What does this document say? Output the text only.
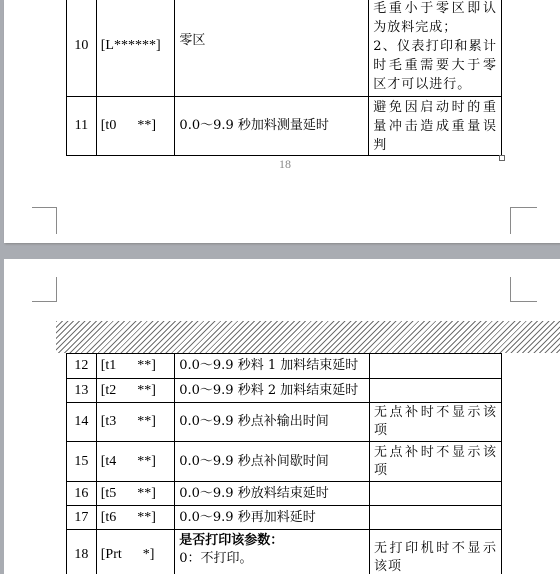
10	[L******]	零区	毛重小于零区即认为放料完成；
2、仪表打印和累计时毛重需要大于零区才可以进行。
11	[t0      **]	0.0～9.9 秒加料测量延时	避免因启动时的重量冲击造成重量误判
18
12	[t1      **]	0.0～9.9 秒料 1 加料结束延时	
13	[t2      **]	0.0～9.9 秒料 2 加料结束延时	
14	[t3      **]	0.0～9.9 秒点补输出时间	无点补时不显示该项
15	[t4      **]	0.0～9.9 秒点补间歇时间	无点补时不显示该项
16	[t5      **]	0.0～9.9 秒放料结束延时	
17	[t6      **]	0.0～9.9 秒再加料延时	
18	[Prt      *]	是否打印该参数：
0：不打印。	无打印机时不显示该项
